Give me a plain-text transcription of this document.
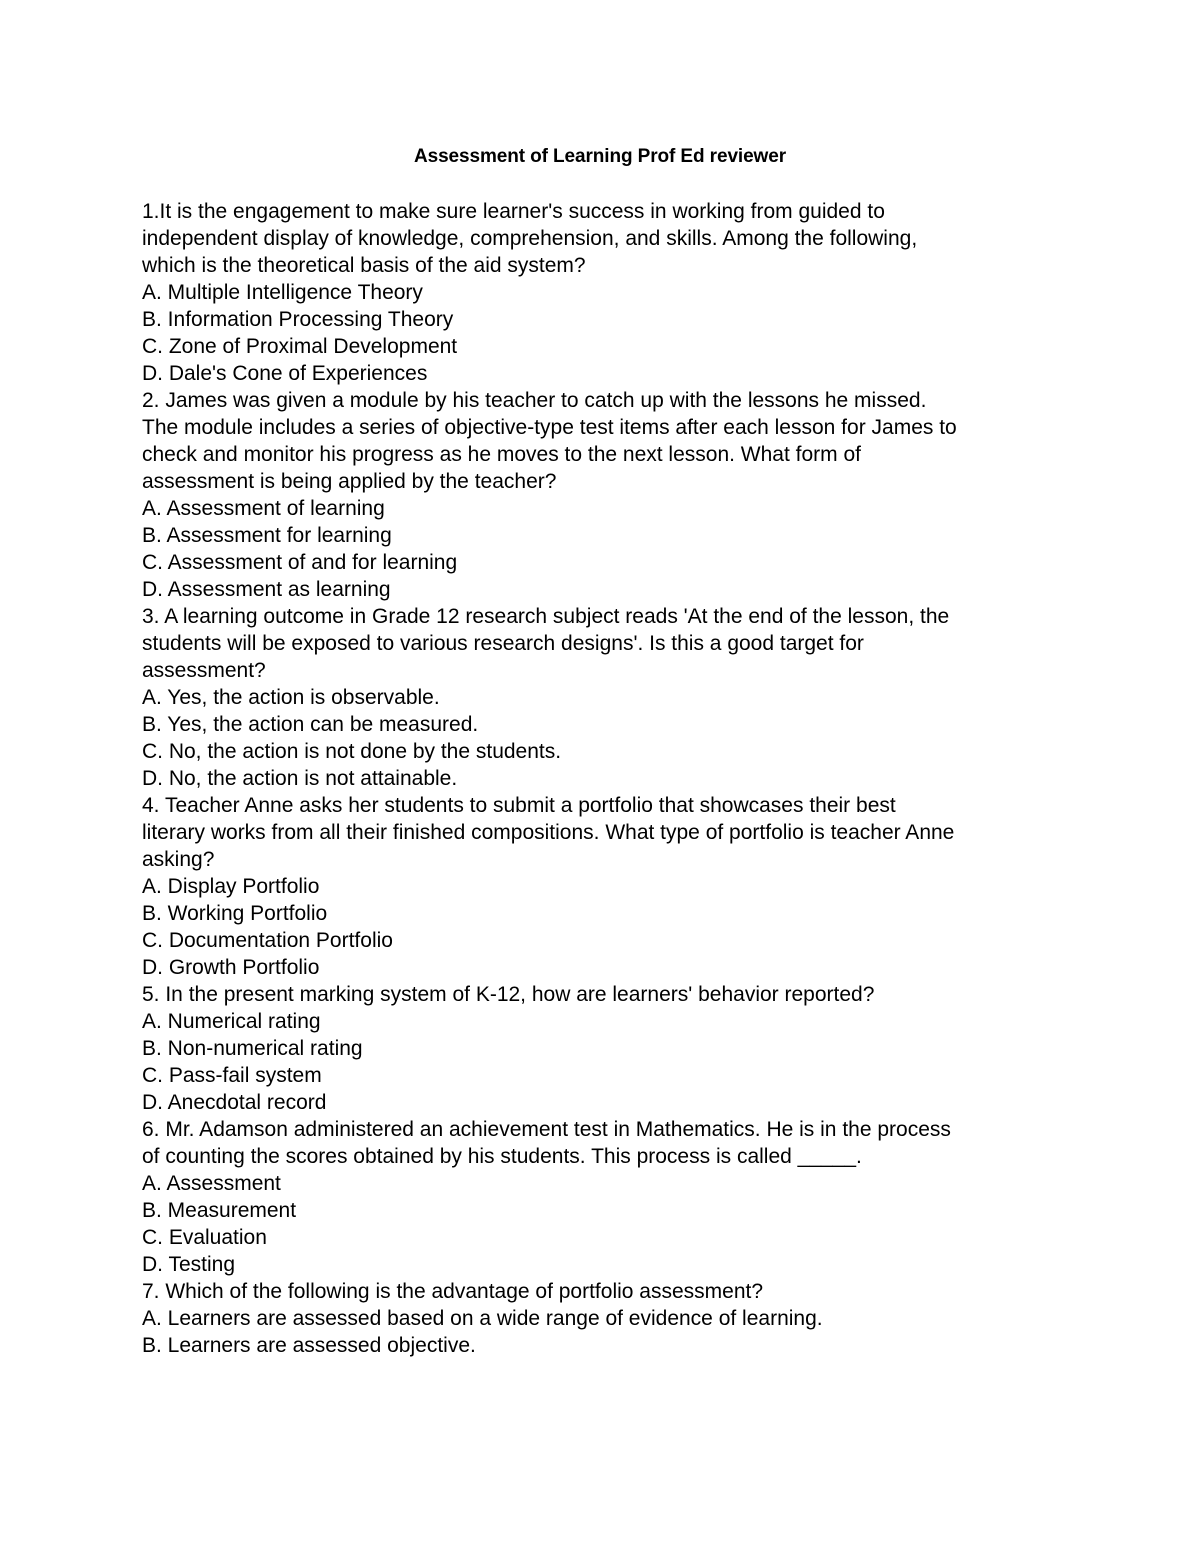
Assessment of Learning Prof Ed reviewer
1.It is the engagement to make sure learner's success in working from guided to
independent display of knowledge, comprehension, and skills. Among the following,
which is the theoretical basis of the aid system?
A. Multiple Intelligence Theory
B. Information Processing Theory
C. Zone of Proximal Development
D. Dale's Cone of Experiences
2. James was given a module by his teacher to catch up with the lessons he missed.
The module includes a series of objective-type test items after each lesson for James to
check and monitor his progress as he moves to the next lesson. What form of
assessment is being applied by the teacher?
A. Assessment of learning
B. Assessment for learning
C. Assessment of and for learning
D. Assessment as learning
3. A learning outcome in Grade 12 research subject reads 'At the end of the lesson, the
students will be exposed to various research designs'. Is this a good target for
assessment?
A. Yes, the action is observable.
B. Yes, the action can be measured.
C. No, the action is not done by the students.
D. No, the action is not attainable.
4. Teacher Anne asks her students to submit a portfolio that showcases their best
literary works from all their finished compositions. What type of portfolio is teacher Anne
asking?
A. Display Portfolio
B. Working Portfolio
C. Documentation Portfolio
D. Growth Portfolio
5. In the present marking system of K-12, how are learners' behavior reported?
A. Numerical rating
B. Non-numerical rating
C. Pass-fail system
D. Anecdotal record
6. Mr. Adamson administered an achievement test in Mathematics. He is in the process
of counting the scores obtained by his students. This process is called _____.
A. Assessment
B. Measurement
C. Evaluation
D. Testing
7. Which of the following is the advantage of portfolio assessment?
A. Learners are assessed based on a wide range of evidence of learning.
B. Learners are assessed objective.
